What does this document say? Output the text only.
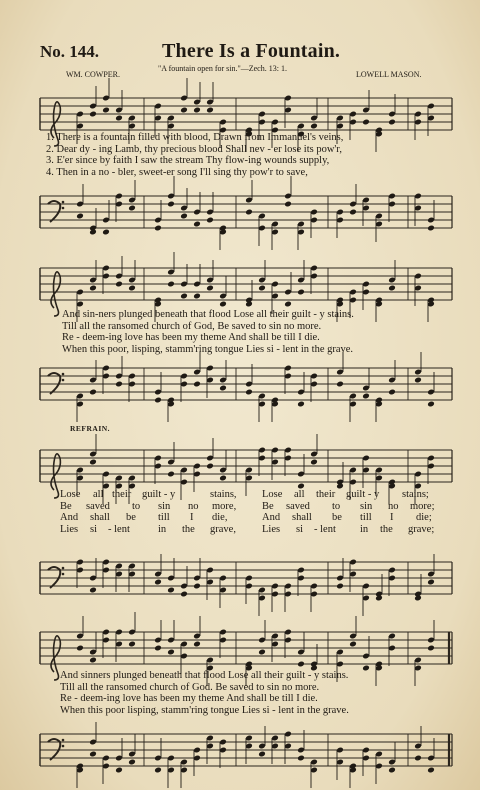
No. 144.	There Is a Fountain.
"A fountain open for sin."—Zech. 13: 1.
WM. COWPER.	LOWELL MASON.
1. There is a fountain filled with blood, Drawn from Immanuel's veins,
2. Dear dy - ing Lamb, thy precious blood Shall nev - er lose its pow'r,
3. E'er since by faith I saw the stream Thy flow-ing wounds supply,
4. Then in a no - bler, sweet-er song I'll sing thy pow'r to save,
And sin-ners plunged beneath that flood Lose all their guilt - y stains.
Till all the ransomed church of God, Be saved to sin no more.
Re - deem-ing love has been my theme And shall be till I die.
When this poor, lisping, stamm'ring tongue Lies si - lent in the grave.
REFRAIN.
Lose all their guilt - y	stains, Lose all their guilt - y stains;
Be saved to sin no more, Be saved to sin no more;
And shall be till I die,	And shall be till I die;
Lies si - lent	in the grave, Lies si - lent in the grave;
And sinners plunged beneath that flood Lose all their guilt - y stains.
Till all the ransomed church of God. Be saved to sin no more.
Re - deem-ing love has been my theme And shall be till I die.
When this poor lisping, stamm'ring tongue Lies si - lent in the grave.
